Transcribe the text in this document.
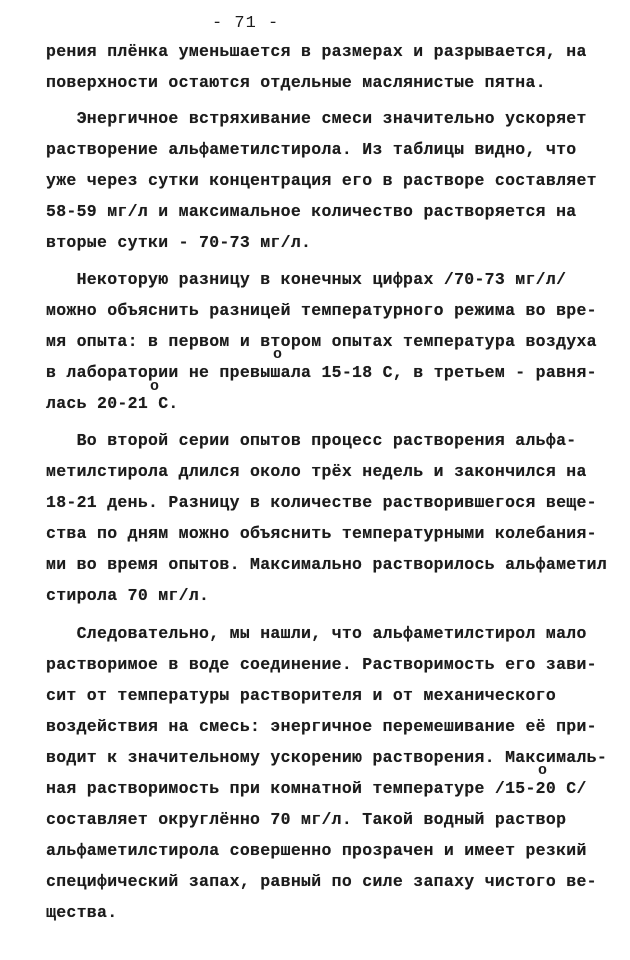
- 71 -
рения плёнка уменьшается в размерах и разрывается, на
поверхности остаются отдельные маслянистые пятна.
Энергичное встряхивание смеси значительно ускоряет
растворение альфаметилстирола. Из таблицы видно, что
уже через сутки концентрация его в растворе составляет
58-59 мг/л и максимальное количество растворяется на
вторые сутки - 70-73 мг/л.
Некоторую разницу в конечных цифрах /70-73 мг/л/
можно объяснить разницей температурного режима во вре-
мя опыта: в первом и втором опытах температура воздуха
в лаборатории не превышала 15-18 С, в третьем - равня-
o
лась 20-21 С.
o
Во второй серии опытов процесс растворения альфа-
метилстирола длился около трёх недель и закончился на
18-21 день. Разницу в количестве растворившегося веще-
ства по дням можно объяснить температурными колебания-
ми во время опытов. Максимально растворилось альфаметил
стирола 70 мг/л.
Следовательно, мы нашли, что альфаметилстирол мало
растворимое в воде соединение. Растворимость его зави-
сит от температуры растворителя и от механического
воздействия на смесь: энергичное перемешивание её при-
водит к значительному ускорению растворения. Максималь-
ная растворимость при комнатной температуре /15-20 С/
o
составляет округлённо 70 мг/л. Такой водный раствор
альфаметилстирола совершенно прозрачен и имеет резкий
специфический запах, равный по силе запаху чистого ве-
щества.
